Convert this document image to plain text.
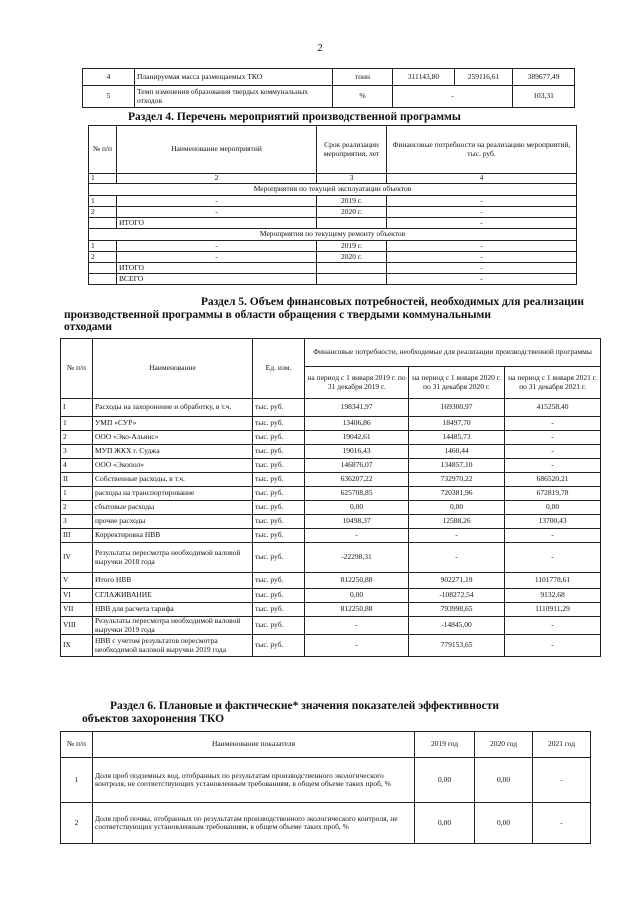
2
4	Планируемая масса размещаемых ТКО	тонн	311143,80	259116,61	389677,49
5	Темп изменения образования твердых коммунальных отходов	%	-		103,31
Раздел 4. Перечень мероприятий производственной программы
№ п/п	Наименование мероприятий	Срок реализации мероприятия, лет	Финансовые потребности на реализацию мероприятий, тыс. руб.
1	2	3	4
Мероприятия по текущей эксплуатации объектов			
1	-	2019 г.	-
2	-	2020 г.	-
	ИТОГО		-
Мероприятия по текущему ремонту объектов			
1	-	2019 г.	-
2	-	2020 г.	-
	ИТОГО		-
	ВСЕГО		-
Раздел 5. Объем финансовых потребностей, необходимых для реализации
производственной программы в области обращения с твердыми коммунальными
отходами
№ п/п	Наименование	Ед. изм.	Финансовые потребности, необходимые для реализации производственной программы		
			на период с 1 января 2019 г. по 31 декабря 2019 г.	на период с 1 января 2020 г. по 31 декабря 2020 г.	на период с 1 января 2021 г. по 31 декабря 2021 г.
I	Расходы на захоронение и обработку, в т.ч.	тыс. руб.	198341,97	169300,97	415258,40
1	УМП «СУР»	тыс. руб.	13406,86	18497,70	-
2	ООО «Эко-Альянс»	тыс. руб.	19042,61	14485,73	-
3	МУП ЖКХ г. Суджа	тыс. руб.	19016,43	1460,44	-
4	ООО «Экопол»	тыс. руб.	146876,07	134857,10	-
II	Собственные расходы, в т.ч.	тыс. руб.	636207,22	732970,22	686520,21
1	расходы на транспортирование	тыс. руб.	625708,85	720381,96	672819,78
2	сбытовые расходы	тыс. руб.	0,00	0,00	0,00
3	прочие расходы	тыс. руб.	10498,37	12588,26	13700,43
III	Корректировка НВВ	тыс. руб.	-	-	-
IV	Результаты пересмотра необходимой валовой выручки 2018 года	тыс. руб.	-22298,31	-	-
V	Итого НВВ	тыс. руб.	812250,88	902271,19	1101778,61
VI	СГЛАЖИВАНИЕ	тыс. руб.	0,00	-108272,54	9132,68
VII	НВВ для расчета тарифа	тыс. руб.	812250,88	793998,65	1110911,29
VIII	Результаты пересмотра необходимой валовой выручки 2019 года	тыс. руб.	-	-14845,00	-
IX	НВВ с учетом результатов пересмотра необходимой валовой выручки 2019 года	тыс. руб.	-	779153,65	-
Раздел 6. Плановые и фактические* значения показателей эффективности
объектов захоронения ТКО
№ п/п	Наименование показателя	2019 год	2020 год	2021 год
1	Доля проб подземных вод, отобранных по результатам производственного экологического контроля, не соответствующих установленным требованиям, в общем объеме таких проб, %	0,00	0,00	-
2	Доля проб почвы, отобранных по результатам производственного экологического контроля, не соответствующих установленным требованиям, в общем объеме таких проб, %	0,00	0,00	-
